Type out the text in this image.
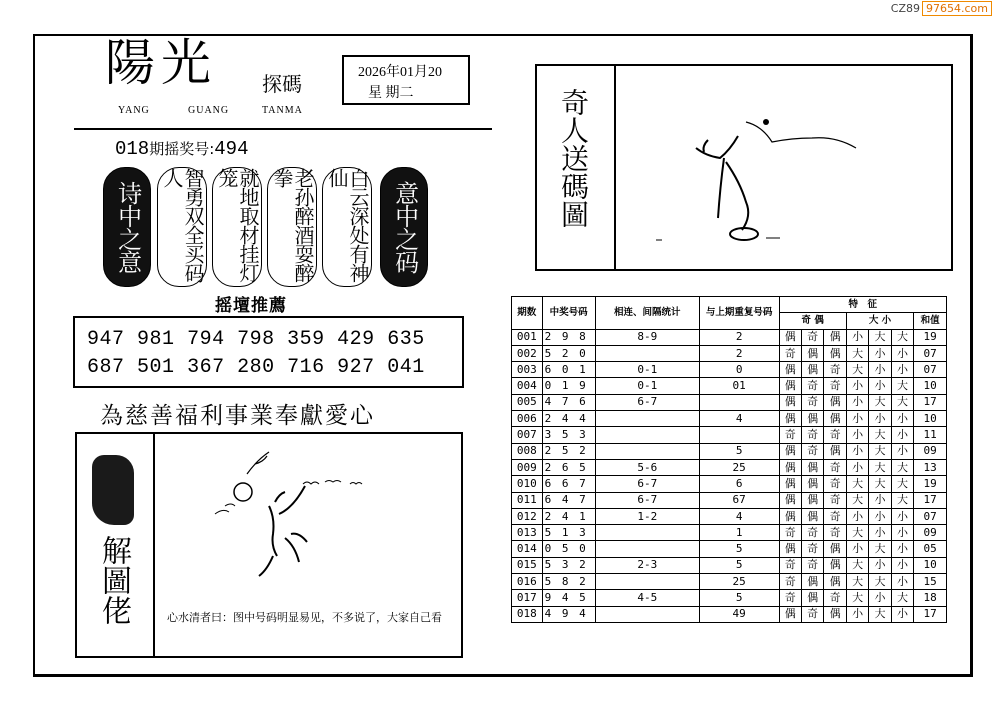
CZ89 97654.com
陽光 探碼
YANG	GUANG	TANMA
2026年01月20
星 期二
018期摇奖号:494
诗中之意	智勇双全买码人	就地取材挂灯笼	老孙醉酒耍醉拳	白云深处有神仙
意中之码
摇壇推薦
947 981 794 798 359 429 635
687 501 367 280 716 927 041
為慈善福利事業奉獻愛心
解圖佬	心水清者曰：图中号码明显易见，不多说了，大家自己看
奇人送碼圖
期数	中奖号码	相连、间隔统计	与上期重复号码	特　征						
				奇 偶			大 小			和值
001	2 9 8	8-9	2	偶	奇	偶	小	大	大	19
002	5 2 0		2	奇	偶	偶	大	小	小	07
003	6 0 1	0-1	0	偶	偶	奇	大	小	小	07
004	0 1 9	0-1	01	偶	奇	奇	小	小	大	10
005	4 7 6	6-7		偶	奇	偶	小	大	大	17
006	2 4 4		4	偶	偶	偶	小	小	小	10
007	3 5 3			奇	奇	奇	小	大	小	11
008	2 5 2		5	偶	奇	偶	小	大	小	09
009	2 6 5	5-6	25	偶	偶	奇	小	大	大	13
010	6 6 7	6-7	6	偶	偶	奇	大	大	大	19
011	6 4 7	6-7	67	偶	偶	奇	大	小	大	17
012	2 4 1	1-2	4	偶	偶	奇	小	小	小	07
013	5 1 3		1	奇	奇	奇	大	小	小	09
014	0 5 0		5	偶	奇	偶	小	大	小	05
015	5 3 2	2-3	5	奇	奇	偶	大	小	小	10
016	5 8 2		25	奇	偶	偶	大	大	小	15
017	9 4 5	4-5	5	奇	偶	奇	大	小	大	18
018	4 9 4		49	偶	奇	偶	小	大	小	17
